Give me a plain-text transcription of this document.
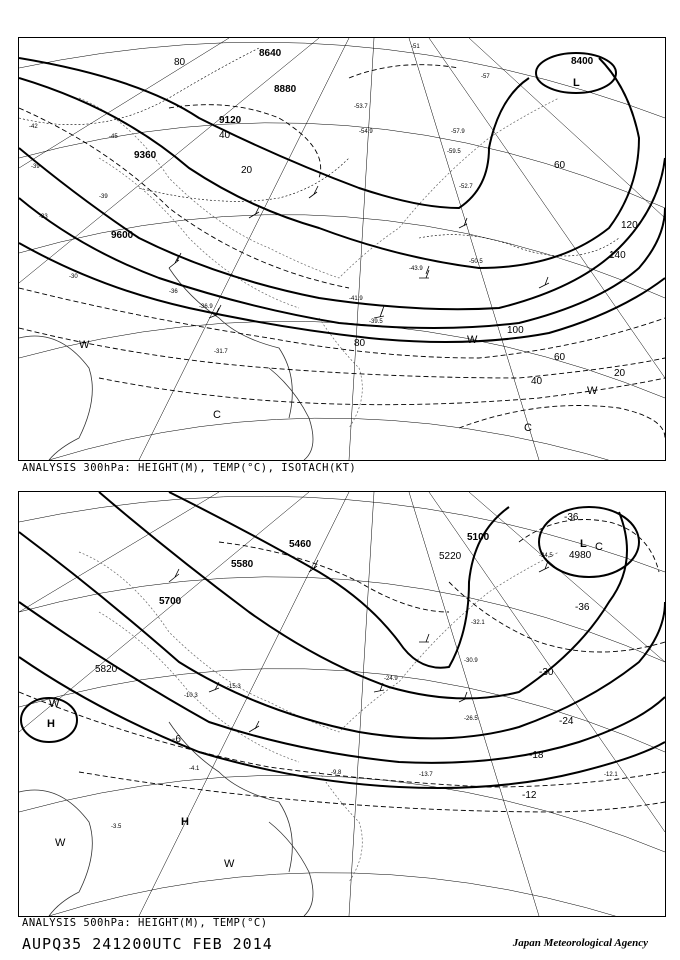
8640
8880
9120
9360
9600
8400
80
40
20	60
120
140
100
80
60
40
20
-51
-57
-42
-45
-39
-33
-30
-36
-39
-53.7
-54.9	-57.9
-59.5
-52.7
-36.9
-31.7
-41.9
-43.9
-50.5
-39.5
L
C
C
W	W
W
ANALYSIS 300hPa: HEIGHT(M), TEMP(°C), ISOTACH(KT)
5460
5580
5700
5820
5220
5100
4980
-36
-30
-24
-18
-12
-6
-36
-34.5
-32.1
-30.9
-26.5
-24.9
-13.7	-12.1
-9.8
-10.3
-4.1
-3.5
-15.3
L C
H
H
W
W
W
ANALYSIS 500hPa: HEIGHT(M), TEMP(°C)
AUPQ35 241200UTC FEB 2014	Japan Meteorological Agency
